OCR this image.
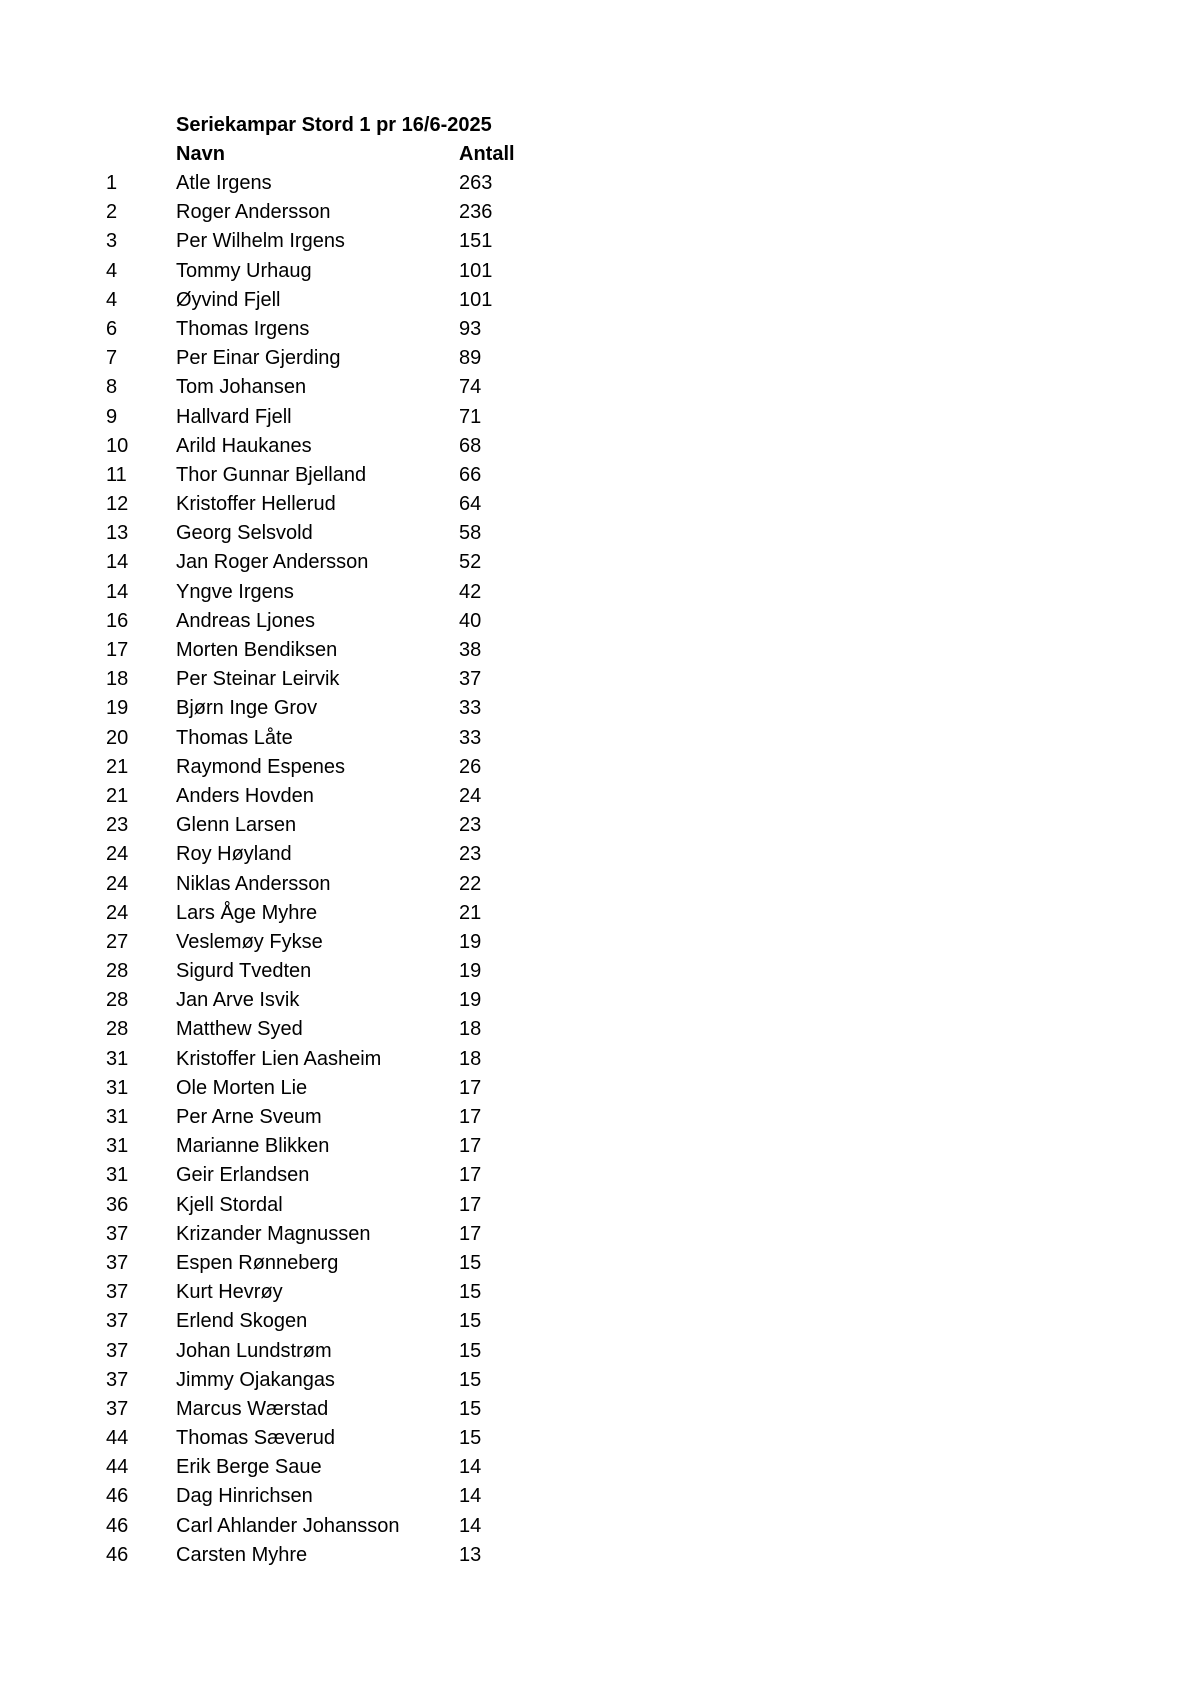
Seriekampar Stord 1 pr 16/6-2025
Navn	Antall
1	Atle Irgens	263
2	Roger Andersson	236
3	Per Wilhelm Irgens	151
4	Tommy Urhaug	101
4	Øyvind Fjell	101
6	Thomas Irgens	93
7	Per Einar Gjerding	89
8	Tom Johansen	74
9	Hallvard Fjell	71
10 Arild Haukanes	68
11 Thor Gunnar Bjelland	66
12 Kristoffer Hellerud	64
13 Georg Selsvold	58
14 Jan Roger Andersson	52
14 Yngve Irgens	42
16 Andreas Ljones	40
17 Morten Bendiksen	38
18 Per Steinar Leirvik	37
19 Bjørn Inge Grov	33
20 Thomas Låte	33
21 Raymond Espenes	26
21 Anders Hovden	24
23 Glenn Larsen	23
24 Roy Høyland	23
24 Niklas Andersson	22
24 Lars Åge Myhre	21
27 Veslemøy Fykse	19
28 Sigurd Tvedten	19
28 Jan Arve Isvik	19
28 Matthew Syed	18
31 Kristoffer Lien Aasheim	18
31 Ole Morten Lie	17
31 Per Arne Sveum	17
31 Marianne Blikken	17
31 Geir Erlandsen	17
36 Kjell Stordal	17
37 Krizander Magnussen	17
37 Espen Rønneberg	15
37 Kurt Hevrøy	15
37 Erlend Skogen	15
37 Johan Lundstrøm	15
37 Jimmy Ojakangas	15
37 Marcus Wærstad	15
44 Thomas Sæverud	15
44 Erik Berge Saue	14
46 Dag Hinrichsen	14
46 Carl Ahlander Johansson	14
46 Carsten Myhre	13
